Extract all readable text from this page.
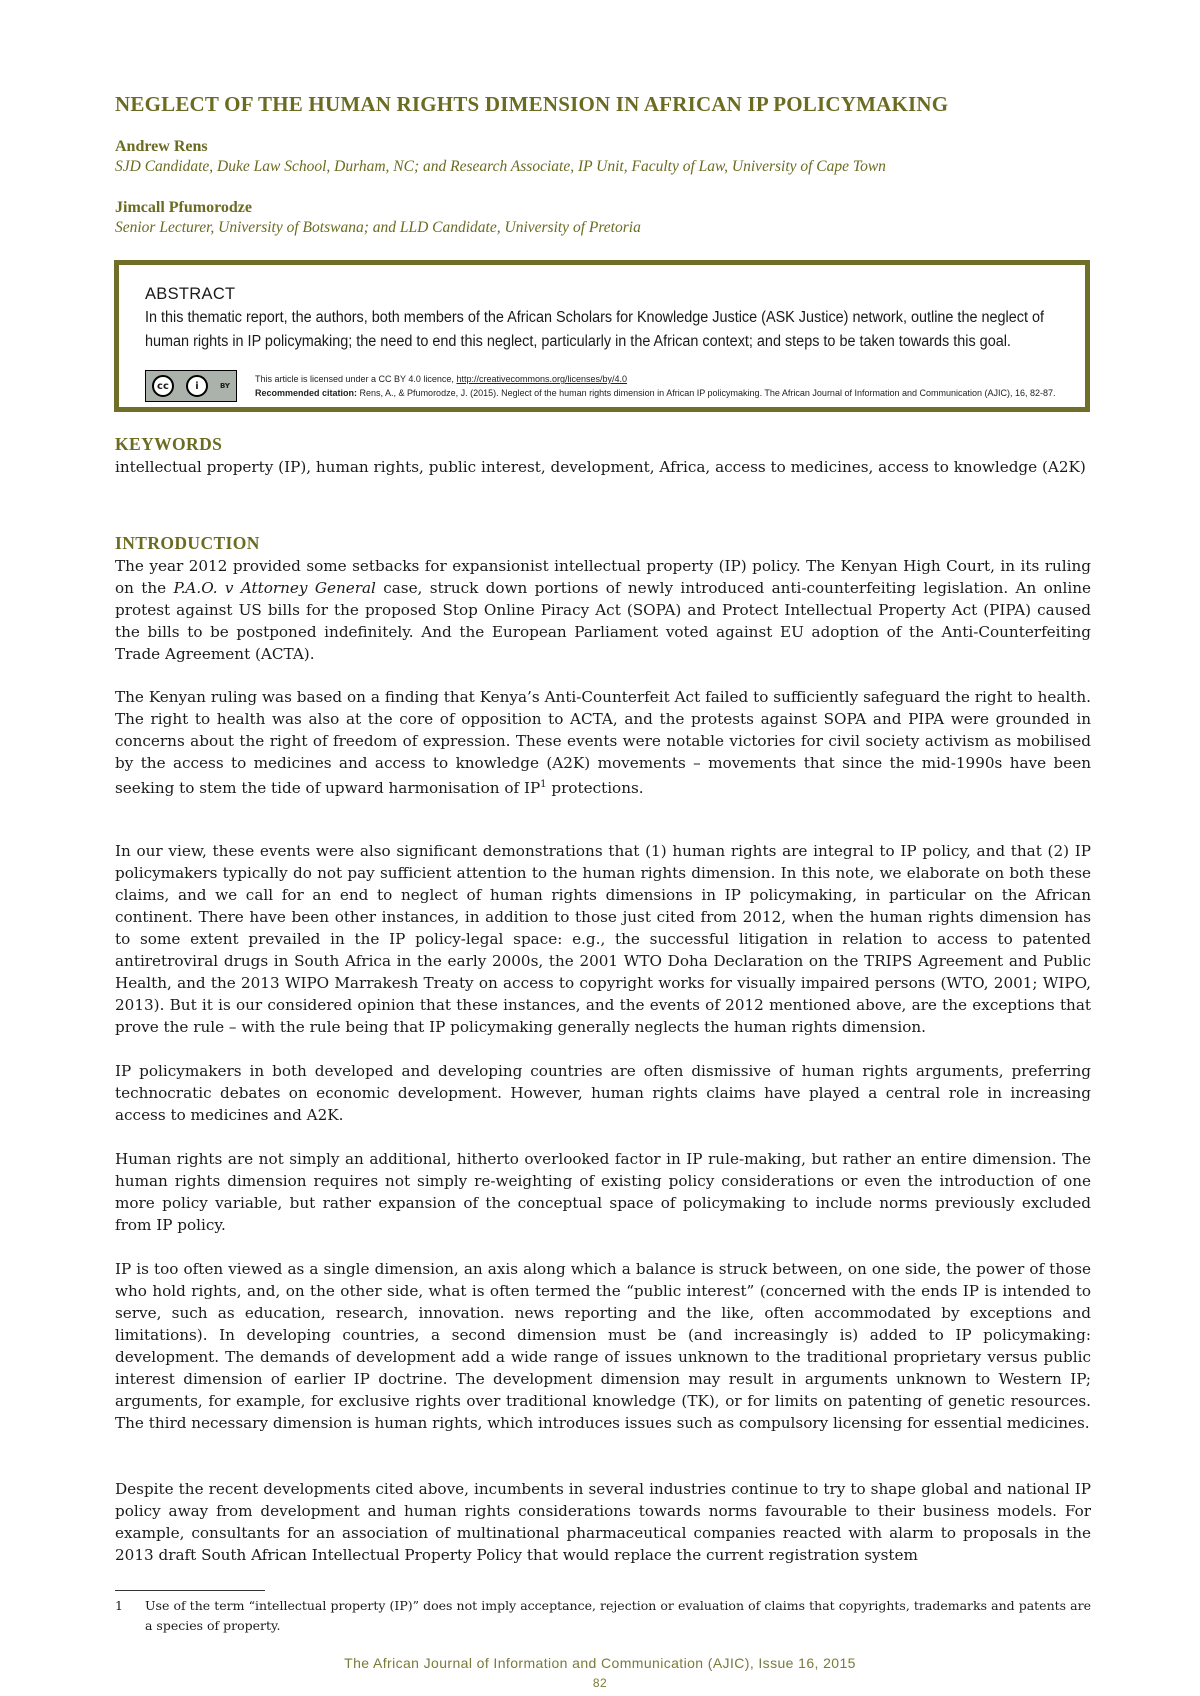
NEGLECT OF THE HUMAN RIGHTS DIMENSION IN AFRICAN IP POLICYMAKING
Andrew Rens
SJD Candidate, Duke Law School, Durham, NC; and Research Associate, IP Unit, Faculty of Law, University of Cape Town
Jimcall Pfumorodze
Senior Lecturer, University of Botswana; and LLD Candidate, University of Pretoria
ABSTRACT
In this thematic report, the authors, both members of the African Scholars for Knowledge Justice (ASK Justice) network, outline the neglect of human rights in IP policymaking; the need to end this neglect, particularly in the African context; and steps to be taken towards this goal.
cc	i	BY
This article is licensed under a CC BY 4.0 licence, http://creativecommons.org/licenses/by/4.0
Recommended citation: Rens, A., & Pfumorodze, J. (2015). Neglect of the human rights dimension in African IP policymaking. The African Journal of Information and Communication (AJIC), 16, 82-87.
KEYWORDS

intellectual property (IP), human rights, public interest, development, Africa, access to medicines, access to knowledge (A2K)

INTRODUCTION

The year 2012 provided some setbacks for expansionist intellectual property (IP) policy. The Kenyan High Court, in its ruling on the P.A.O. v Attorney General case, struck down portions of newly introduced anti-counterfeiting legislation. An online protest against US bills for the proposed Stop Online Piracy Act (SOPA) and Protect Intellectual Property Act (PIPA) caused the bills to be postponed indefinitely. And the European Parliament voted against EU adoption of the Anti-Counterfeiting Trade Agreement (ACTA).

The Kenyan ruling was based on a finding that Kenya’s Anti-Counterfeit Act failed to sufficiently safeguard the right to health. The right to health was also at the core of opposition to ACTA, and the protests against SOPA and PIPA were grounded in concerns about the right of freedom of expression. These events were notable victories for civil society activism as mobilised by the access to medicines and access to knowledge (A2K) movements – movements that since the mid-1990s have been seeking to stem the tide of upward harmonisation of $IP^1$ protections.

In our view, these events were also significant demonstrations that (1) human rights are integral to IP policy, and that (2) IP policymakers typically do not pay sufficient attention to the human rights dimension. In this note, we elaborate on both these claims, and we call for an end to neglect of human rights dimensions in IP policymaking, in particular on the African continent. There have been other instances, in addition to those just cited from 2012, when the human rights dimension has to some extent prevailed in the IP policy-legal space: e.g., the successful litigation in relation to access to patented antiretroviral drugs in South Africa in the early 2000s, the 2001 WTO Doha Declaration on the TRIPS Agreement and Public Health, and the 2013 WIPO Marrakesh Treaty on access to copyright works for visually impaired persons (WTO, 2001; WIPO, 2013). But it is our considered opinion that these instances, and the events of 2012 mentioned above, are the exceptions that prove the rule – with the rule being that IP policymaking generally neglects the human rights dimension.

IP policymakers in both developed and developing countries are often dismissive of human rights arguments, preferring technocratic debates on economic development. However, human rights claims have played a central role in increasing access to medicines and A2K.

Human rights are not simply an additional, hitherto overlooked factor in IP rule-making, but rather an entire dimension. The human rights dimension requires not simply re-weighting of existing policy considerations or even the introduction of one more policy variable, but rather expansion of the conceptual space of policymaking to include norms previously excluded from IP policy.

IP is too often viewed as a single dimension, an axis along which a balance is struck between, on one side, the power of those who hold rights, and, on the other side, what is often termed the “public interest” (concerned with the ends IP is intended to serve, such as education, research, innovation. news reporting and the like, often accommodated by exceptions and limitations). In developing countries, a second dimension must be (and increasingly is) added to IP policymaking: development. The demands of development add a wide range of issues unknown to the traditional proprietary versus public interest dimension of earlier IP doctrine. The development dimension may result in arguments unknown to Western IP; arguments, for example, for exclusive rights over traditional knowledge (TK), or for limits on patenting of genetic resources. The third necessary dimension is human rights, which introduces issues such as compulsory licensing for essential medicines.

Despite the recent developments cited above, incumbents in several industries continue to try to shape global and national IP policy away from development and human rights considerations towards norms favourable to their business models. For example, consultants for an association of multinational pharmaceutical companies reacted with alarm to proposals in the 2013 draft South African Intellectual Property Policy that would replace the current registration system

1 Use of the term “intellectual property (IP)” does not imply acceptance, rejection or evaluation of claims that copyrights, trademarks and patents are a species of property.
The African Journal of Information and Communication (AJIC), Issue 16, 2015
82
